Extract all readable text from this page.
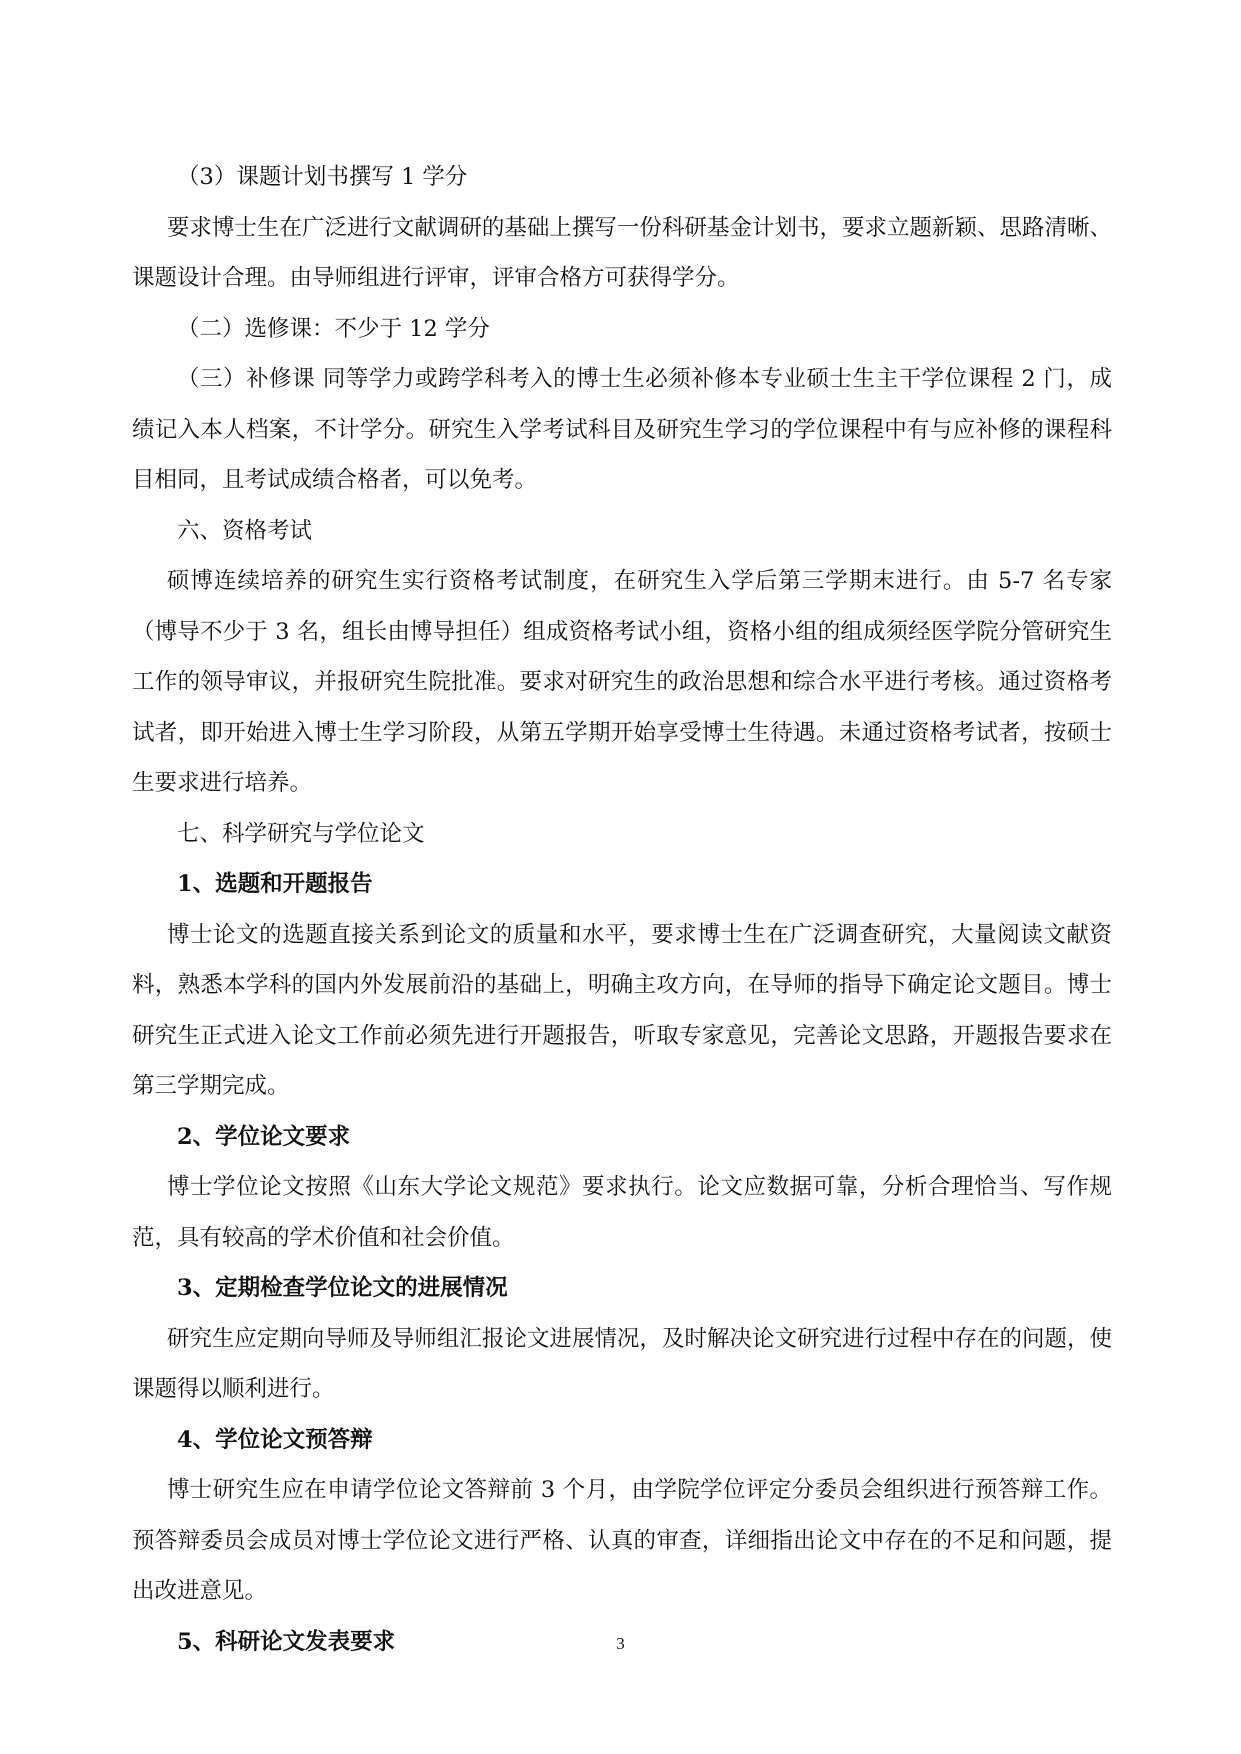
（3）课题计划书撰写 1 学分

要求博士生在广泛进行文献调研的基础上撰写一份科研基金计划书，要求立题新颖、思路清晰、课题设计合理。由导师组进行评审，评审合格方可获得学分。

（二）选修课：不少于 12 学分

（三）补修课 同等学力或跨学科考入的博士生必须补修本专业硕士生主干学位课程 2 门，成绩记入本人档案，不计学分。研究生入学考试科目及研究生学习的学位课程中有与应补修的课程科目相同，且考试成绩合格者，可以免考。

六、资格考试

硕博连续培养的研究生实行资格考试制度，在研究生入学后第三学期末进行。由 5-7 名专家（博导不少于 3 名，组长由博导担任）组成资格考试小组，资格小组的组成须经医学院分管研究生工作的领导审议，并报研究生院批准。要求对研究生的政治思想和综合水平进行考核。通过资格考试者，即开始进入博士生学习阶段，从第五学期开始享受博士生待遇。未通过资格考试者，按硕士生要求进行培养。

七、科学研究与学位论文

1、选题和开题报告

博士论文的选题直接关系到论文的质量和水平，要求博士生在广泛调查研究，大量阅读文献资料，熟悉本学科的国内外发展前沿的基础上，明确主攻方向，在导师的指导下确定论文题目。博士研究生正式进入论文工作前必须先进行开题报告，听取专家意见，完善论文思路，开题报告要求在第三学期完成。

2、学位论文要求

博士学位论文按照《山东大学论文规范》要求执行。论文应数据可靠，分析合理恰当、写作规范，具有较高的学术价值和社会价值。

3、定期检查学位论文的进展情况

研究生应定期向导师及导师组汇报论文进展情况，及时解决论文研究进行过程中存在的问题，使课题得以顺利进行。

4、学位论文预答辩

博士研究生应在申请学位论文答辩前 3 个月，由学院学位评定分委员会组织进行预答辩工作。预答辩委员会成员对博士学位论文进行严格、认真的审查，详细指出论文中存在的不足和问题，提出改进意见。

5、科研论文发表要求	3
